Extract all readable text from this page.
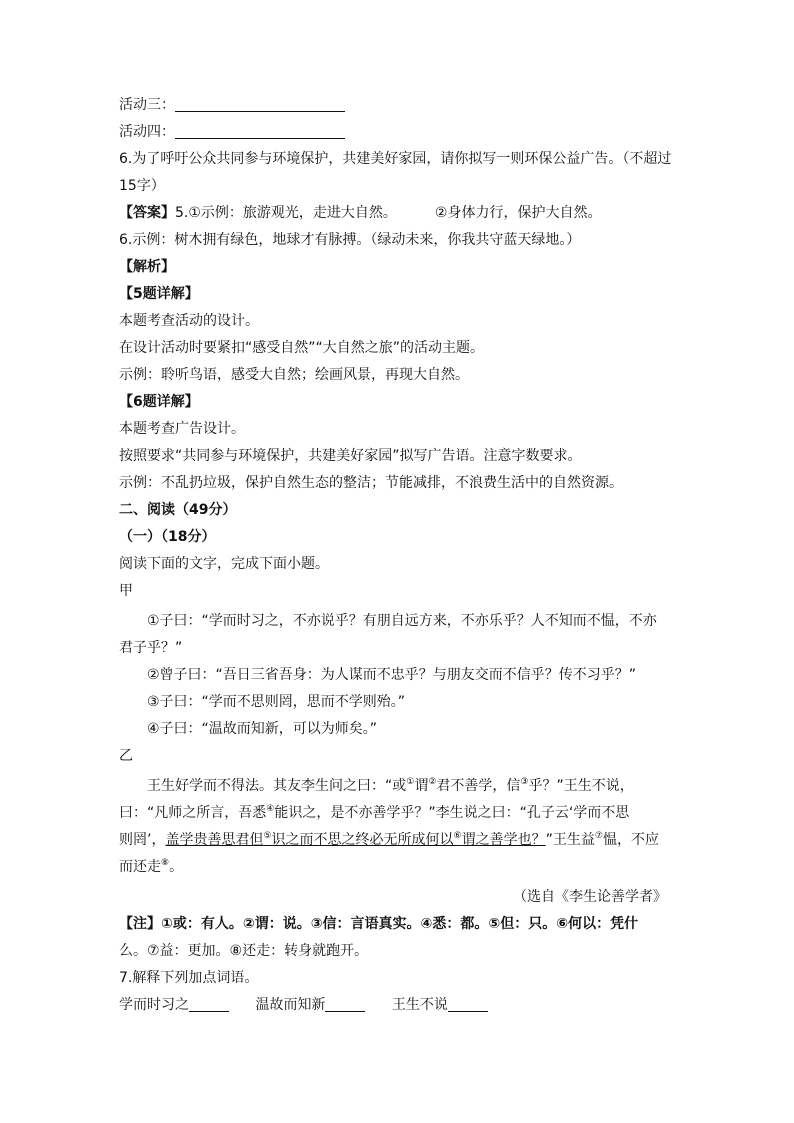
活动三：
活动四：
6.为了呼吁公众共同参与环境保护，共建美好家园，请你拟写一则环保公益广告。（不超过
15字）
【答案】5.①示例：旅游观光，走进大自然。	②身体力行，保护大自然。
6.示例：树木拥有绿色，地球才有脉搏。（绿动未来，你我共守蓝天绿地。）
【解析】
【5题详解】
本题考查活动的设计。
在设计活动时要紧扣“感受自然”“大自然之旅”的活动主题。
示例：聆听鸟语，感受大自然；绘画风景，再现大自然。
【6题详解】
本题考查广告设计。
按照要求“共同参与环境保护，共建美好家园”拟写广告语。注意字数要求。
示例：不乱扔垃圾，保护自然生态的整洁；节能减排，不浪费生活中的自然资源。
二、阅读（49分）
（一）（18分）
阅读下面的文字，完成下面小题。
甲
①子曰：“学而时习之，不亦说乎？有朋自远方来，不亦乐乎？人不知而不愠，不亦
君子乎？”
②曾子曰：“吾日三省吾身：为人谋而不忠乎？与朋友交而不信乎？传不习乎？”
③子曰：“学而不思则罔，思而不学则殆。”
④子曰：“温故而知新，可以为师矣。”
乙
王生好学而不得法。其友李生问之曰：“或①谓②君不善学，信③乎？”王生不说，
曰：“凡师之所言，吾悉④能识之，是不亦善学乎？”李生说之曰：“孔子云‘学而不思
则罔’，盖学贵善思君但⑤识之而不思之终必无所成何以⑥谓之善学也？”王生益⑦愠，不应
而还走⑧。
（选自《李生论善学者》
【注】①或：有人。②谓：说。③信：言语真实。④悉：都。⑤但：只。⑥何以：凭什
么。⑦益：更加。⑧还走：转身就跑开。
7.解释下列加点词语。
学而时习之	温故而知新	王生不说
